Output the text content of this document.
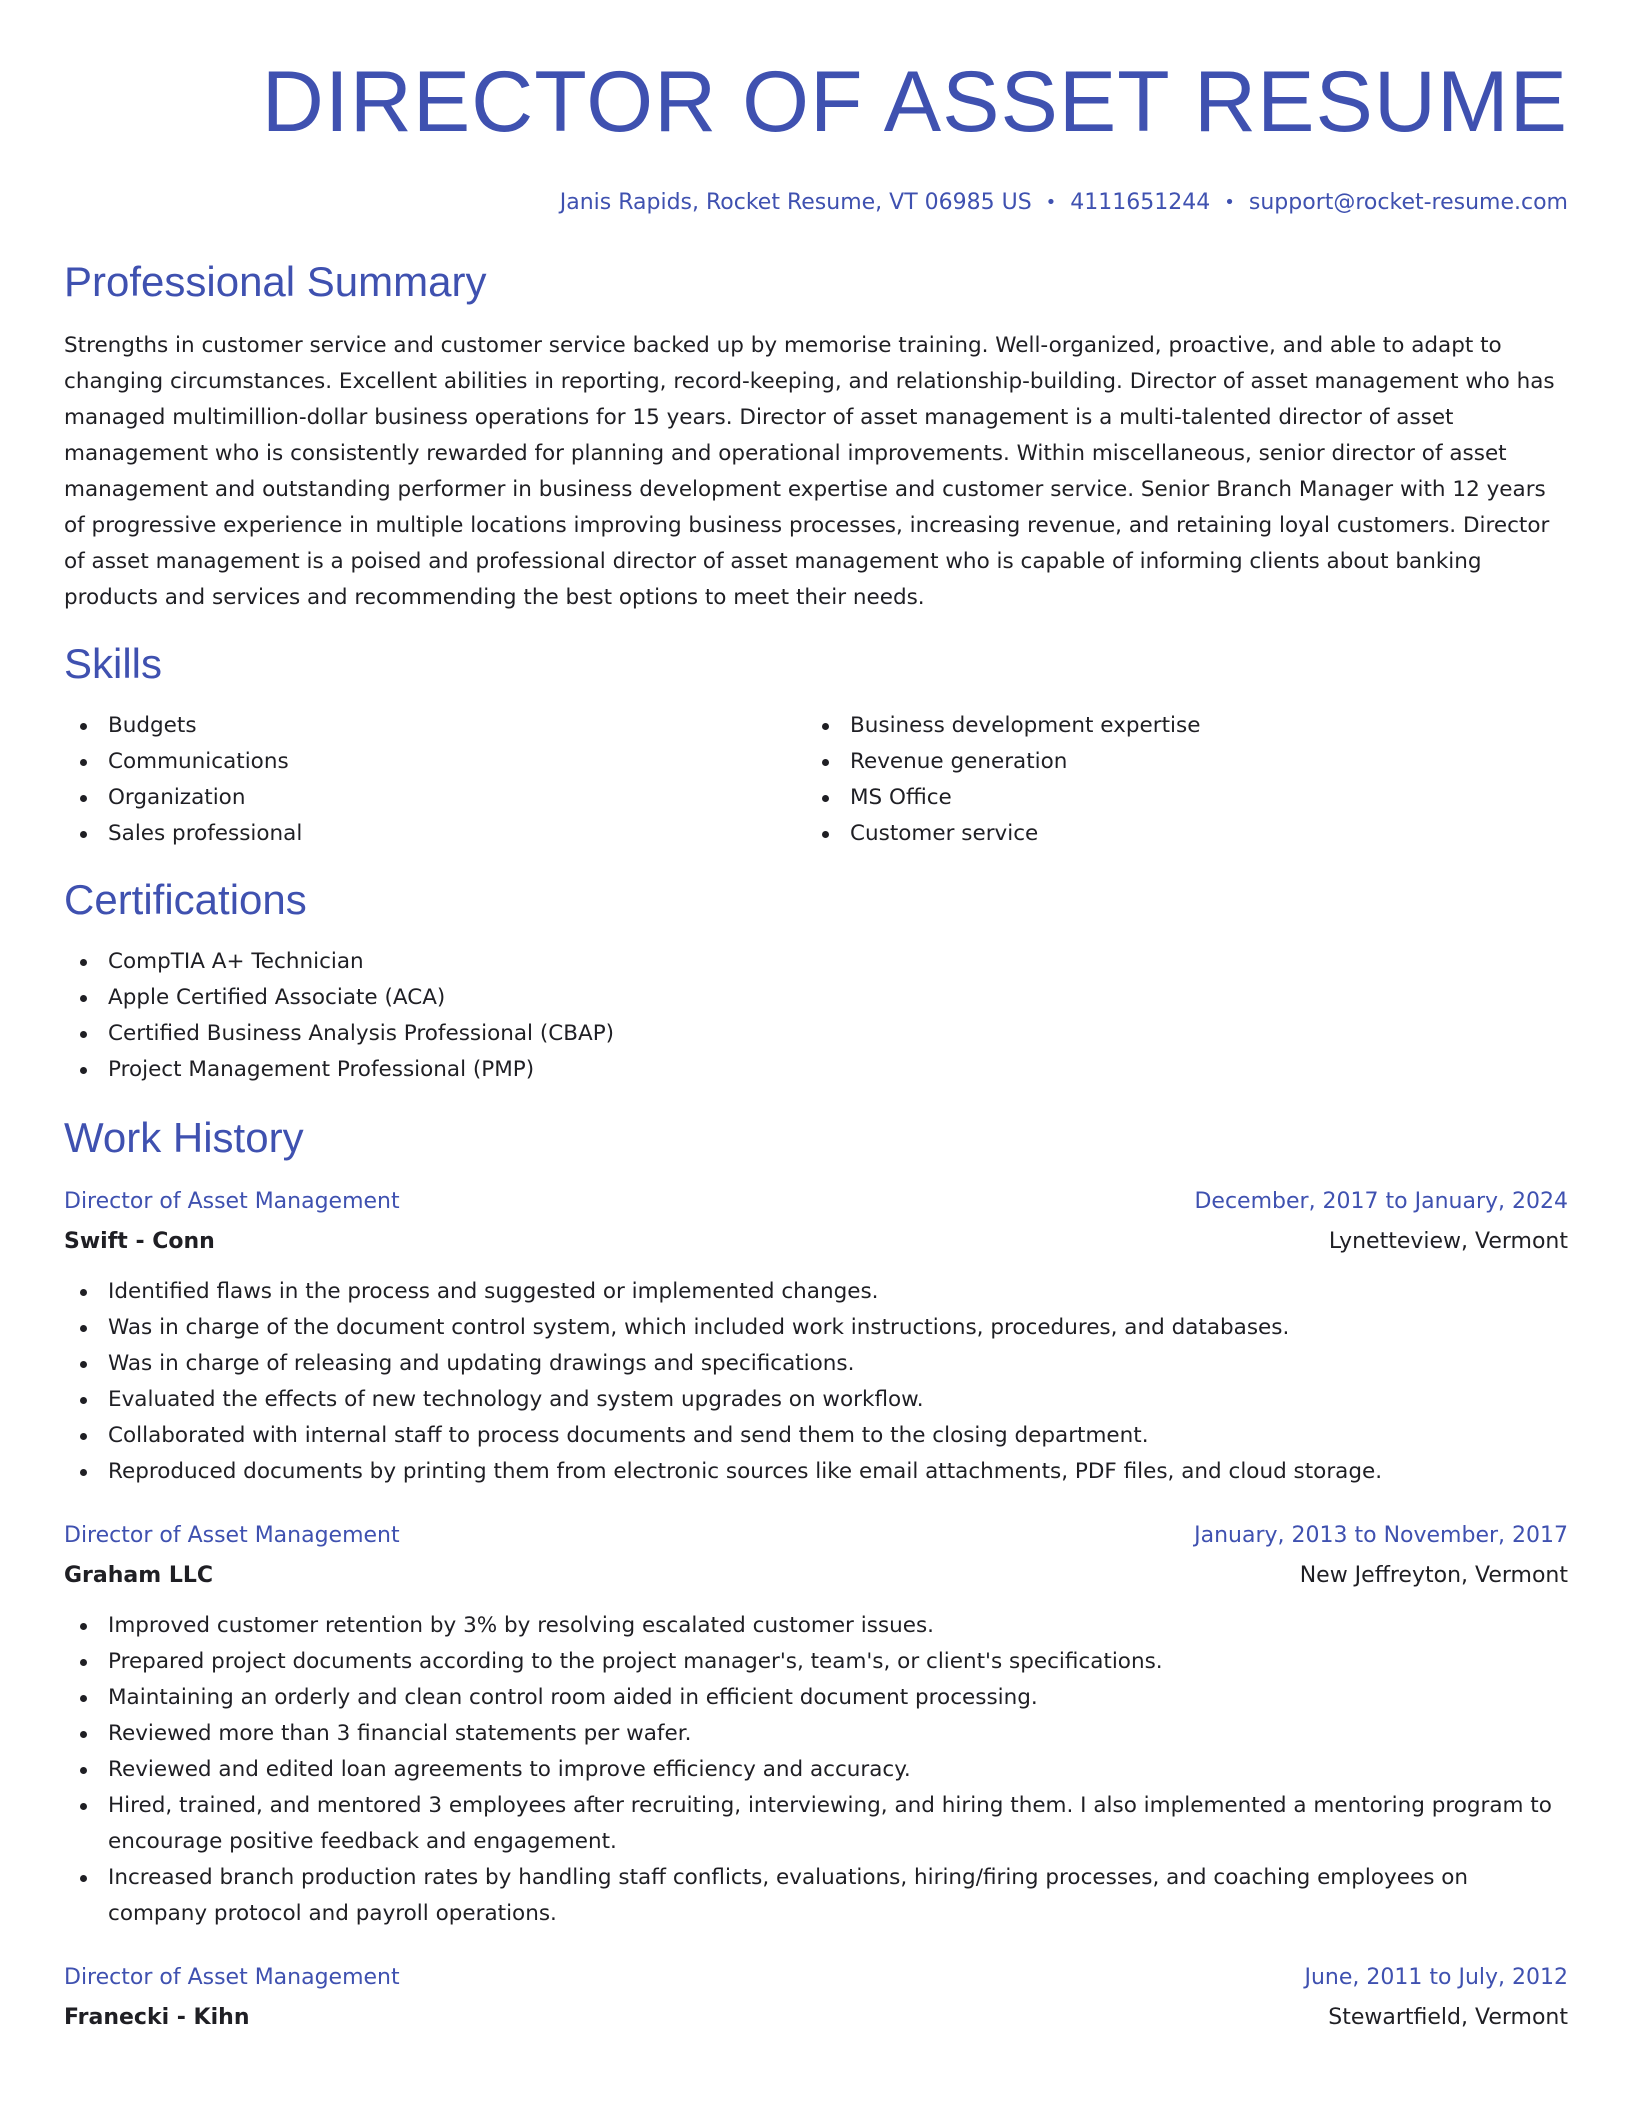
DIRECTOR OF ASSET RESUME
Janis Rapids, Rocket Resume, VT 06985 US • 4111651244 • support@rocket-resume.com
Professional Summary

Strengths in customer service and customer service backed up by memorise training. Well-organized, proactive, and able to adapt to changing circumstances. Excellent abilities in reporting, record-keeping, and relationship-building. Director of asset management who has managed multimillion-dollar business operations for 15 years. Director of asset management is a multi-talented director of asset management who is consistently rewarded for planning and operational improvements. Within miscellaneous, senior director of asset management and outstanding performer in business development expertise and customer service. Senior Branch Manager with 12 years of progressive experience in multiple locations improving business processes, increasing revenue, and retaining loyal customers. Director of asset management is a poised and professional director of asset management who is capable of informing clients about banking products and services and recommending the best options to meet their needs.

Skills
Budgets
Communications
Organization
Sales professional
Business development expertise
Revenue generation
MS Office
Customer service
Certifications
CompTIA A+ Technician
Apple Certified Associate (ACA)
Certified Business Analysis Professional (CBAP)
Project Management Professional (PMP)
Work History
Director of Asset Management	December, 2017 to January, 2024
Swift - Conn	Lynetteview, Vermont
Identified flaws in the process and suggested or implemented changes.
Was in charge of the document control system, which included work instructions, procedures, and databases.
Was in charge of releasing and updating drawings and specifications.
Evaluated the effects of new technology and system upgrades on workflow.
Collaborated with internal staff to process documents and send them to the closing department.
Reproduced documents by printing them from electronic sources like email attachments, PDF files, and cloud storage.
Director of Asset Management	January, 2013 to November, 2017
Graham LLC	New Jeffreyton, Vermont
Improved customer retention by 3% by resolving escalated customer issues.
Prepared project documents according to the project manager's, team's, or client's specifications.
Maintaining an orderly and clean control room aided in efficient document processing.
Reviewed more than 3 financial statements per wafer.
Reviewed and edited loan agreements to improve efficiency and accuracy.
Hired, trained, and mentored 3 employees after recruiting, interviewing, and hiring them. I also implemented a mentoring program to encourage positive feedback and engagement.
Increased branch production rates by handling staff conflicts, evaluations, hiring/firing processes, and coaching employees on company protocol and payroll operations.
Director of Asset Management	June, 2011 to July, 2012
Franecki - Kihn	Stewartfield, Vermont
